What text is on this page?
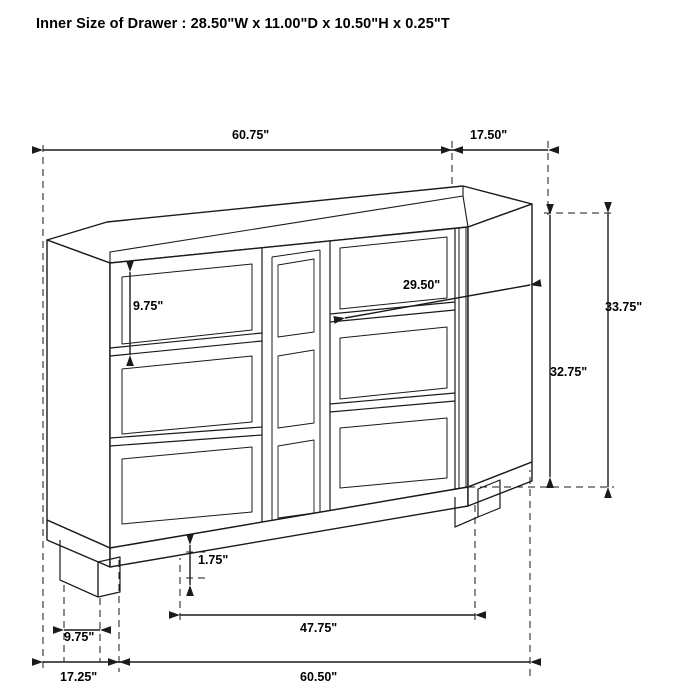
Inner Size of Drawer : 28.50"W x 11.00"D x 10.50"H x 0.25"T
60.75"	17.50"
9.75"
29.50"
33.75"
32.75"
1.75"
9.75"
47.75"
17.25"	60.50"
